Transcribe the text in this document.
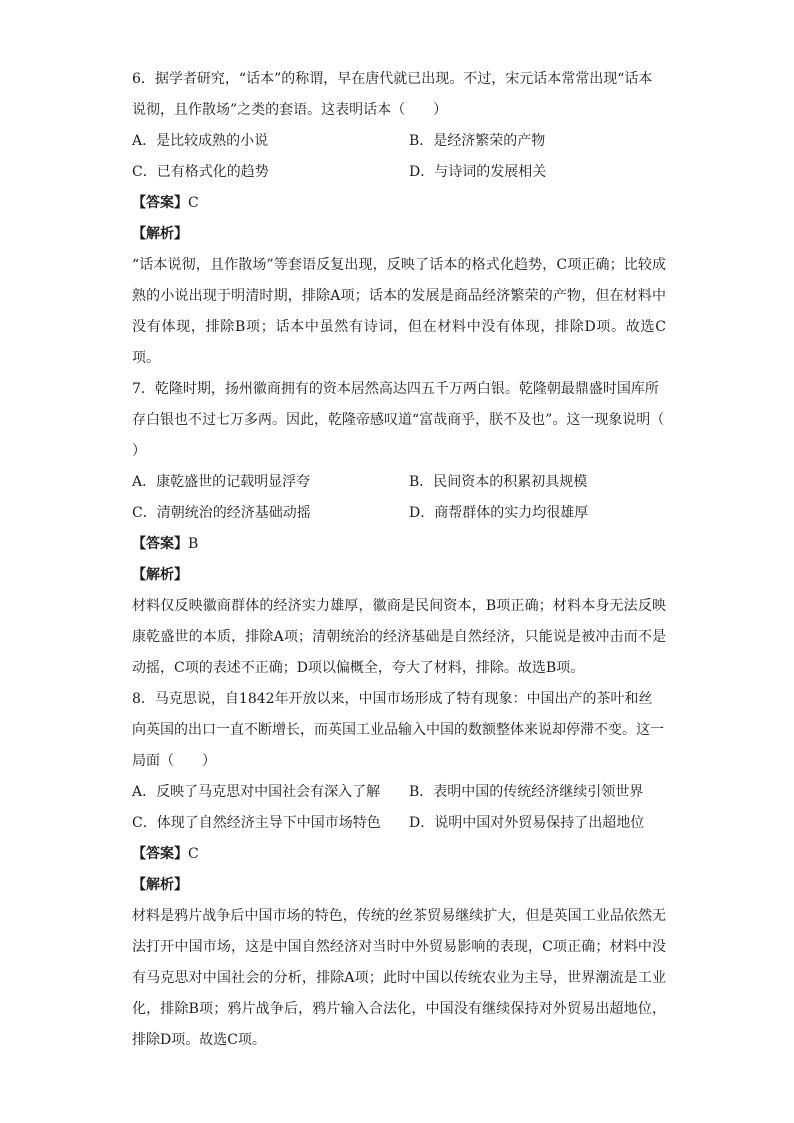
6．据学者研究，“话本”的称谓，早在唐代就已出现。不过，宋元话本常常出现“话本说彻，且作散场”之类的套语。这表明话本（　　）

A．是比较成熟的小说	B．是经济繁荣的产物
C．已有格式化的趋势	D．与诗词的发展相关

【答案】C

【解析】

“话本说彻，且作散场”等套语反复出现，反映了话本的格式化趋势，C项正确；比较成熟的小说出现于明清时期，排除A项；话本的发展是商品经济繁荣的产物，但在材料中没有体现，排除B项；话本中虽然有诗词，但在材料中没有体现，排除D项。故选C项。

7．乾隆时期，扬州徽商拥有的资本居然高达四五千万两白银。乾隆朝最鼎盛时国库所存白银也不过七万多两。因此，乾隆帝感叹道“富哉商乎，朕不及也”。这一现象说明（　　）

A．康乾盛世的记载明显浮夸	B．民间资本的积累初具规模
C．清朝统治的经济基础动摇	D．商帮群体的实力均很雄厚

【答案】B

【解析】

材料仅反映徽商群体的经济实力雄厚，徽商是民间资本，B项正确；材料本身无法反映康乾盛世的本质，排除A项；清朝统治的经济基础是自然经济，只能说是被冲击而不是动摇，C项的表述不正确；D项以偏概全，夸大了材料，排除。故选B项。

8．马克思说，自1842年开放以来，中国市场形成了特有现象：中国出产的茶叶和丝向英国的出口一直不断增长，而英国工业品输入中国的数额整体来说却停滞不变。这一局面（　　）

A．反映了马克思对中国社会有深入了解	B．表明中国的传统经济继续引领世界
C．体现了自然经济主导下中国市场特色	D．说明中国对外贸易保持了出超地位

【答案】C

【解析】

材料是鸦片战争后中国市场的特色，传统的丝茶贸易继续扩大，但是英国工业品依然无法打开中国市场，这是中国自然经济对当时中外贸易影响的表现，C项正确；材料中没有马克思对中国社会的分析，排除A项；此时中国以传统农业为主导，世界潮流是工业化，排除B项；鸦片战争后，鸦片输入合法化，中国没有继续保持对外贸易出超地位，排除D项。故选C项。
